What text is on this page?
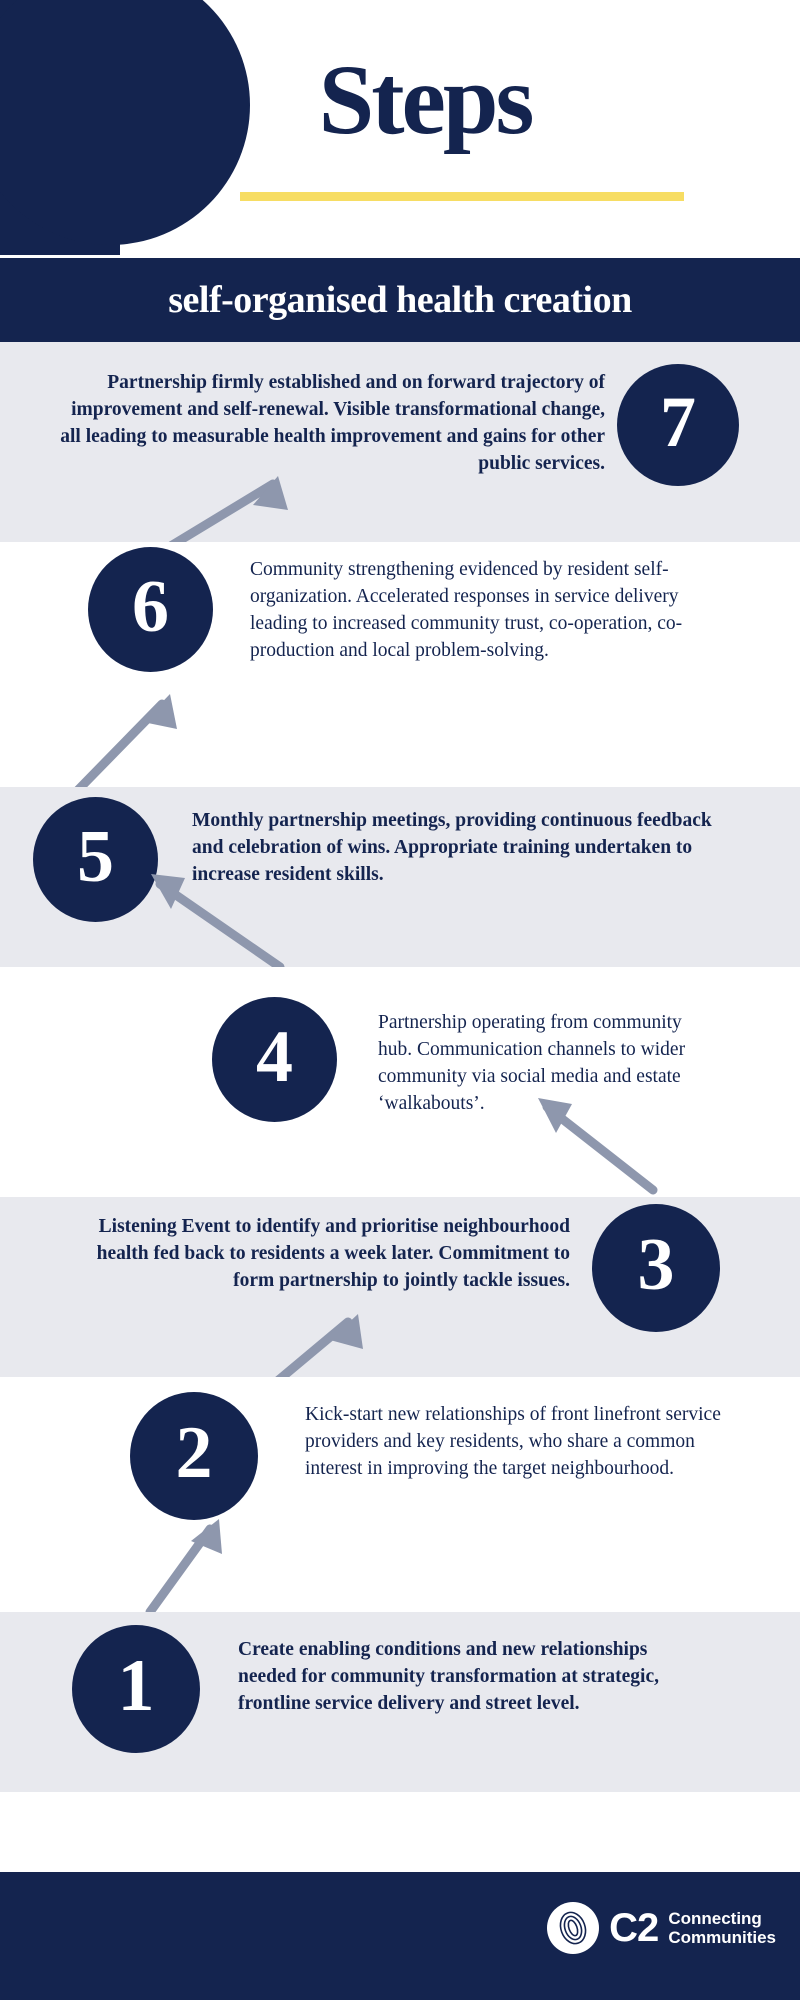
7Steps
self-organised health creation
7
Partnership firmly established and on forward trajectory of improvement and self-renewal. Visible transformational change, all leading to measurable health improvement and gains for other public services.
6	Community strengthening evidenced by resident self-organization. Accelerated responses in service delivery leading to increased community trust, co-operation, co-production and local problem-solving.
5	Monthly partnership meetings, providing continuous feedback and celebration of wins. Appropriate training undertaken to increase resident skills.
4	Partnership operating from community hub. Communication channels to wider community via social media and estate ‘walkabouts’.
3
Listening Event to identify and prioritise neighbourhood health fed back to residents a week later. Commitment to form partnership to jointly tackle issues.
2	Kick-start new relationships of front linefront service providers and key residents, who share a common interest in improving the target neighbourhood.
1	Create enabling conditions and new relationships needed for community transformation at strategic, frontline service delivery and street level.
C2 Connecting
Communities
